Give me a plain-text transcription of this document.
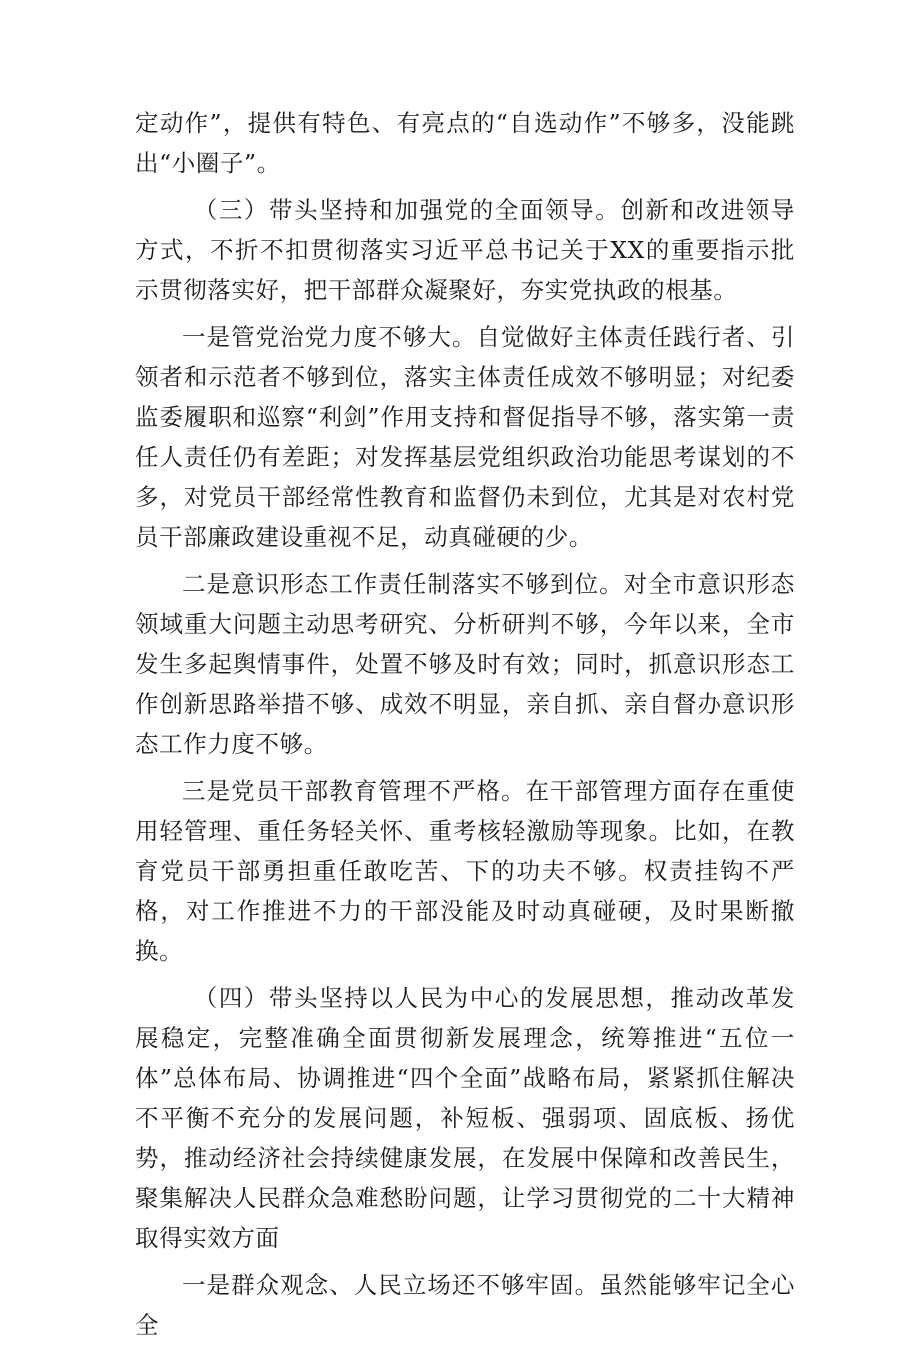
定动作”，提供有特色、有亮点的“自选动作”不够多，没能跳出“小圈子”。

（三）带头坚持和加强党的全面领导。创新和改进领导方式，不折不扣贯彻落实习近平总书记关于XX的重要指示批示贯彻落实好，把干部群众凝聚好，夯实党执政的根基。

一是管党治党力度不够大。自觉做好主体责任践行者、引领者和示范者不够到位，落实主体责任成效不够明显；对纪委监委履职和巡察“利剑”作用支持和督促指导不够，落实第一责任人责任仍有差距；对发挥基层党组织政治功能思考谋划的不多，对党员干部经常性教育和监督仍未到位，尤其是对农村党员干部廉政建设重视不足，动真碰硬的少。

二是意识形态工作责任制落实不够到位。对全市意识形态领域重大问题主动思考研究、分析研判不够，今年以来，全市发生多起舆情事件，处置不够及时有效；同时，抓意识形态工作创新思路举措不够、成效不明显，亲自抓、亲自督办意识形态工作力度不够。

三是党员干部教育管理不严格。在干部管理方面存在重使用轻管理、重任务轻关怀、重考核轻激励等现象。比如，在教育党员干部勇担重任敢吃苦、下的功夫不够。权责挂钩不严格，对工作推进不力的干部没能及时动真碰硬，及时果断撤换。

（四）带头坚持以人民为中心的发展思想，推动改革发展稳定，完整准确全面贯彻新发展理念，统筹推进“五位一体”总体布局、协调推进“四个全面”战略布局，紧紧抓住解决不平衡不充分的发展问题，补短板、强弱项、固底板、扬优势，推动经济社会持续健康发展，在发展中保障和改善民生，聚集解决人民群众急难愁盼问题，让学习贯彻党的二十大精神取得实效方面

一是群众观念、人民立场还不够牢固。虽然能够牢记全心全
